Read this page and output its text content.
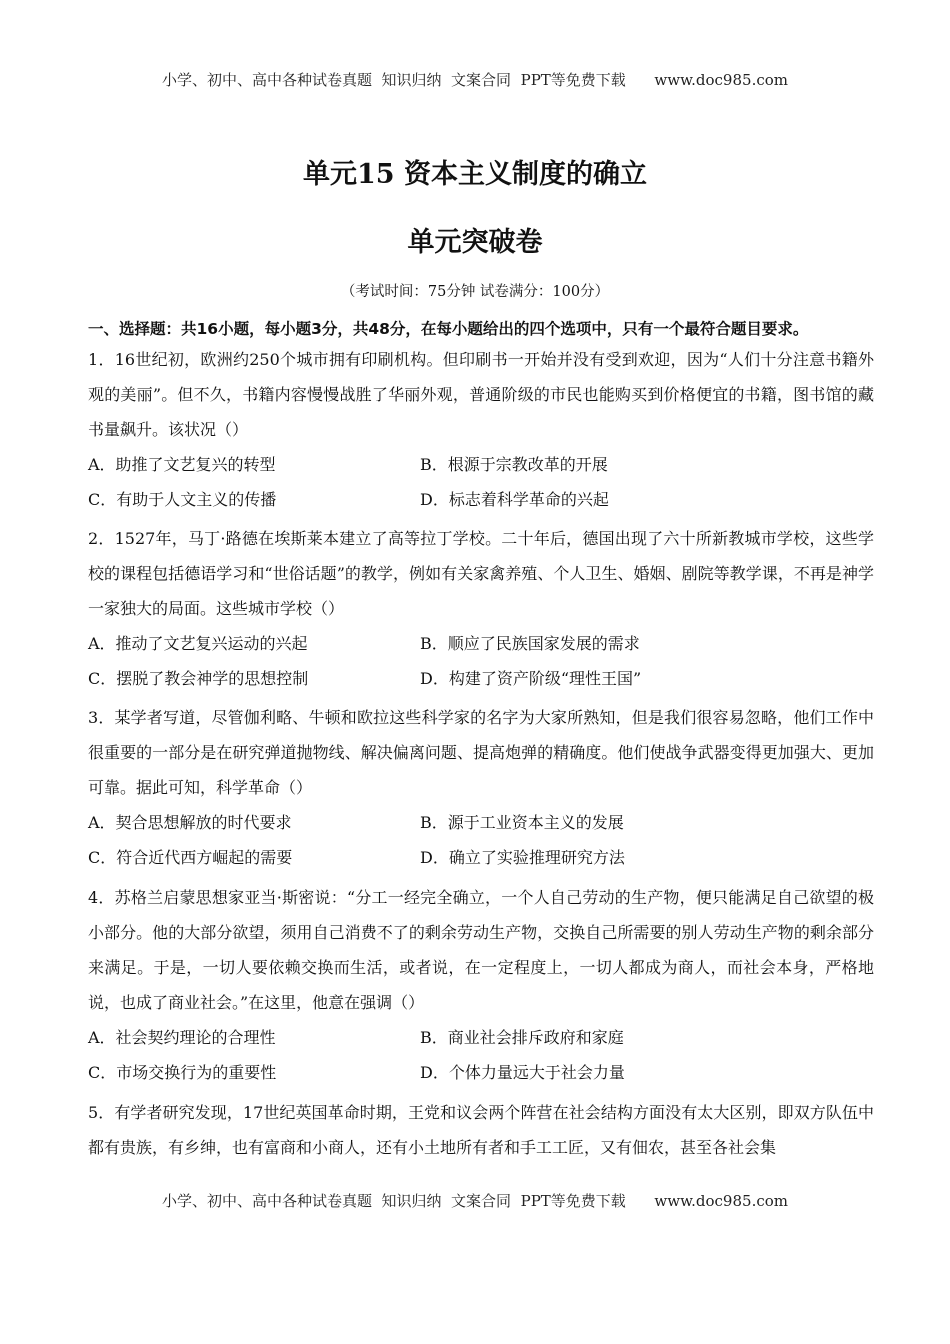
小学、初中、高中各种试卷真题  知识归纳  文案合同  PPT等免费下载      www.doc985.com
单元15 资本主义制度的确立
单元突破卷
（考试时间：75分钟 试卷满分：100分）
一、选择题：共16小题，每小题3分，共48分，在每小题给出的四个选项中，只有一个最符合题目要求。

1．16世纪初，欧洲约250个城市拥有印刷机构。但印刷书一开始并没有受到欢迎，因为“人们十分注意书籍外观的美丽”。但不久，书籍内容慢慢战胜了华丽外观，普通阶级的市民也能购买到价格便宜的书籍，图书馆的藏书量飙升。该状况（）

A．助推了文艺复兴的转型	B．根源于宗教改革的开展
C．有助于人文主义的传播	D．标志着科学革命的兴起

2．1527年，马丁·路德在埃斯莱本建立了高等拉丁学校。二十年后，德国出现了六十所新教城市学校，这些学校的课程包括德语学习和“世俗话题”的教学，例如有关家禽养殖、个人卫生、婚姻、剧院等教学课，不再是神学一家独大的局面。这些城市学校（）

A．推动了文艺复兴运动的兴起	B．顺应了民族国家发展的需求
C．摆脱了教会神学的思想控制	D．构建了资产阶级“理性王国”

3．某学者写道，尽管伽利略、牛顿和欧拉这些科学家的名字为大家所熟知，但是我们很容易忽略，他们工作中很重要的一部分是在研究弹道抛物线、解决偏离问题、提高炮弹的精确度。他们使战争武器变得更加强大、更加可靠。据此可知，科学革命（）

A．契合思想解放的时代要求	B．源于工业资本主义的发展
C．符合近代西方崛起的需要	D．确立了实验推理研究方法

4．苏格兰启蒙思想家亚当·斯密说：“分工一经完全确立，一个人自己劳动的生产物，便只能满足自己欲望的极小部分。他的大部分欲望，须用自己消费不了的剩余劳动生产物，交换自己所需要的别人劳动生产物的剩余部分来满足。于是，一切人要依赖交换而生活，或者说，在一定程度上，一切人都成为商人，而社会本身，严格地说，也成了商业社会。”在这里，他意在强调（）

A．社会契约理论的合理性	B．商业社会排斥政府和家庭
C．市场交换行为的重要性	D．个体力量远大于社会力量

5．有学者研究发现，17世纪英国革命时期，王党和议会两个阵营在社会结构方面没有太大区别，即双方队伍中都有贵族，有乡绅，也有富商和小商人，还有小土地所有者和手工工匠，又有佃农，甚至各社会集

小学、初中、高中各种试卷真题  知识归纳  文案合同  PPT等免费下载      www.doc985.com
